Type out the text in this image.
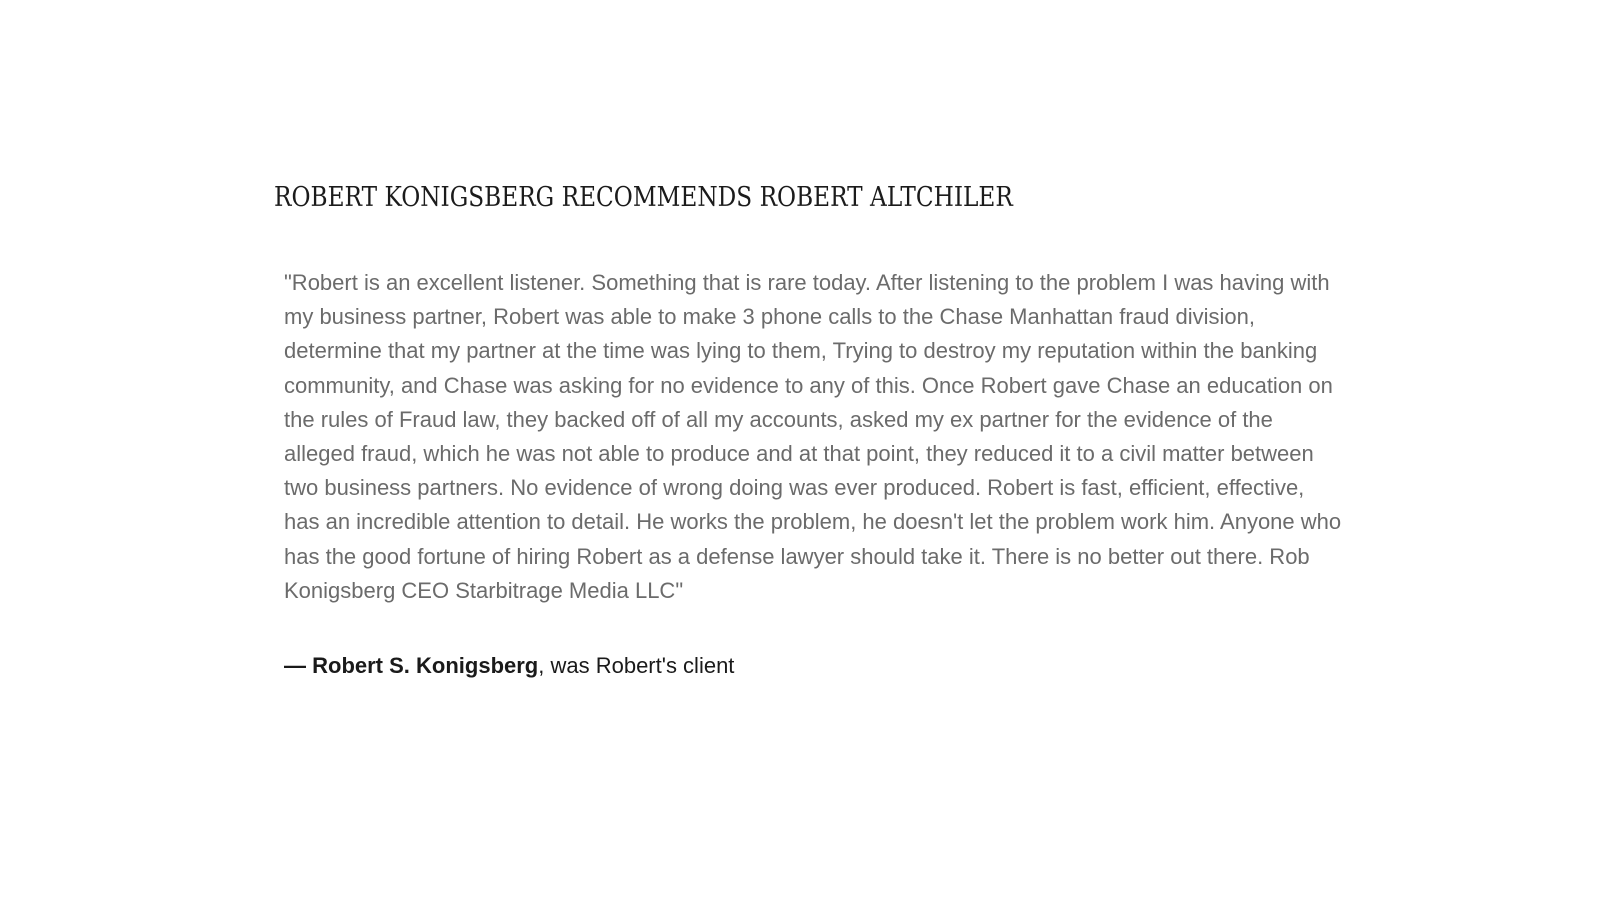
ROBERT KONIGSBERG RECOMMENDS ROBERT ALTCHILER

"Robert is an excellent listener. Something that is rare today. After listening to the problem I was having with my business partner, Robert was able to make 3 phone calls to the Chase Manhattan fraud division, determine that my partner at the time was lying to them, Trying to destroy my reputation within the banking community, and Chase was asking for no evidence to any of this. Once Robert gave Chase an education on the rules of Fraud law, they backed off of all my accounts, asked my ex partner for the evidence of the alleged fraud, which he was not able to produce and at that point, they reduced it to a civil matter between two business partners. No evidence of wrong doing was ever produced. Robert is fast, efficient, effective, has an incredible attention to detail. He works the problem, he doesn't let the problem work him. Anyone who has the good fortune of hiring Robert as a defense lawyer should take it. There is no better out there. Rob Konigsberg CEO Starbitrage Media LLC"

— Robert S. Konigsberg, was Robert's client
